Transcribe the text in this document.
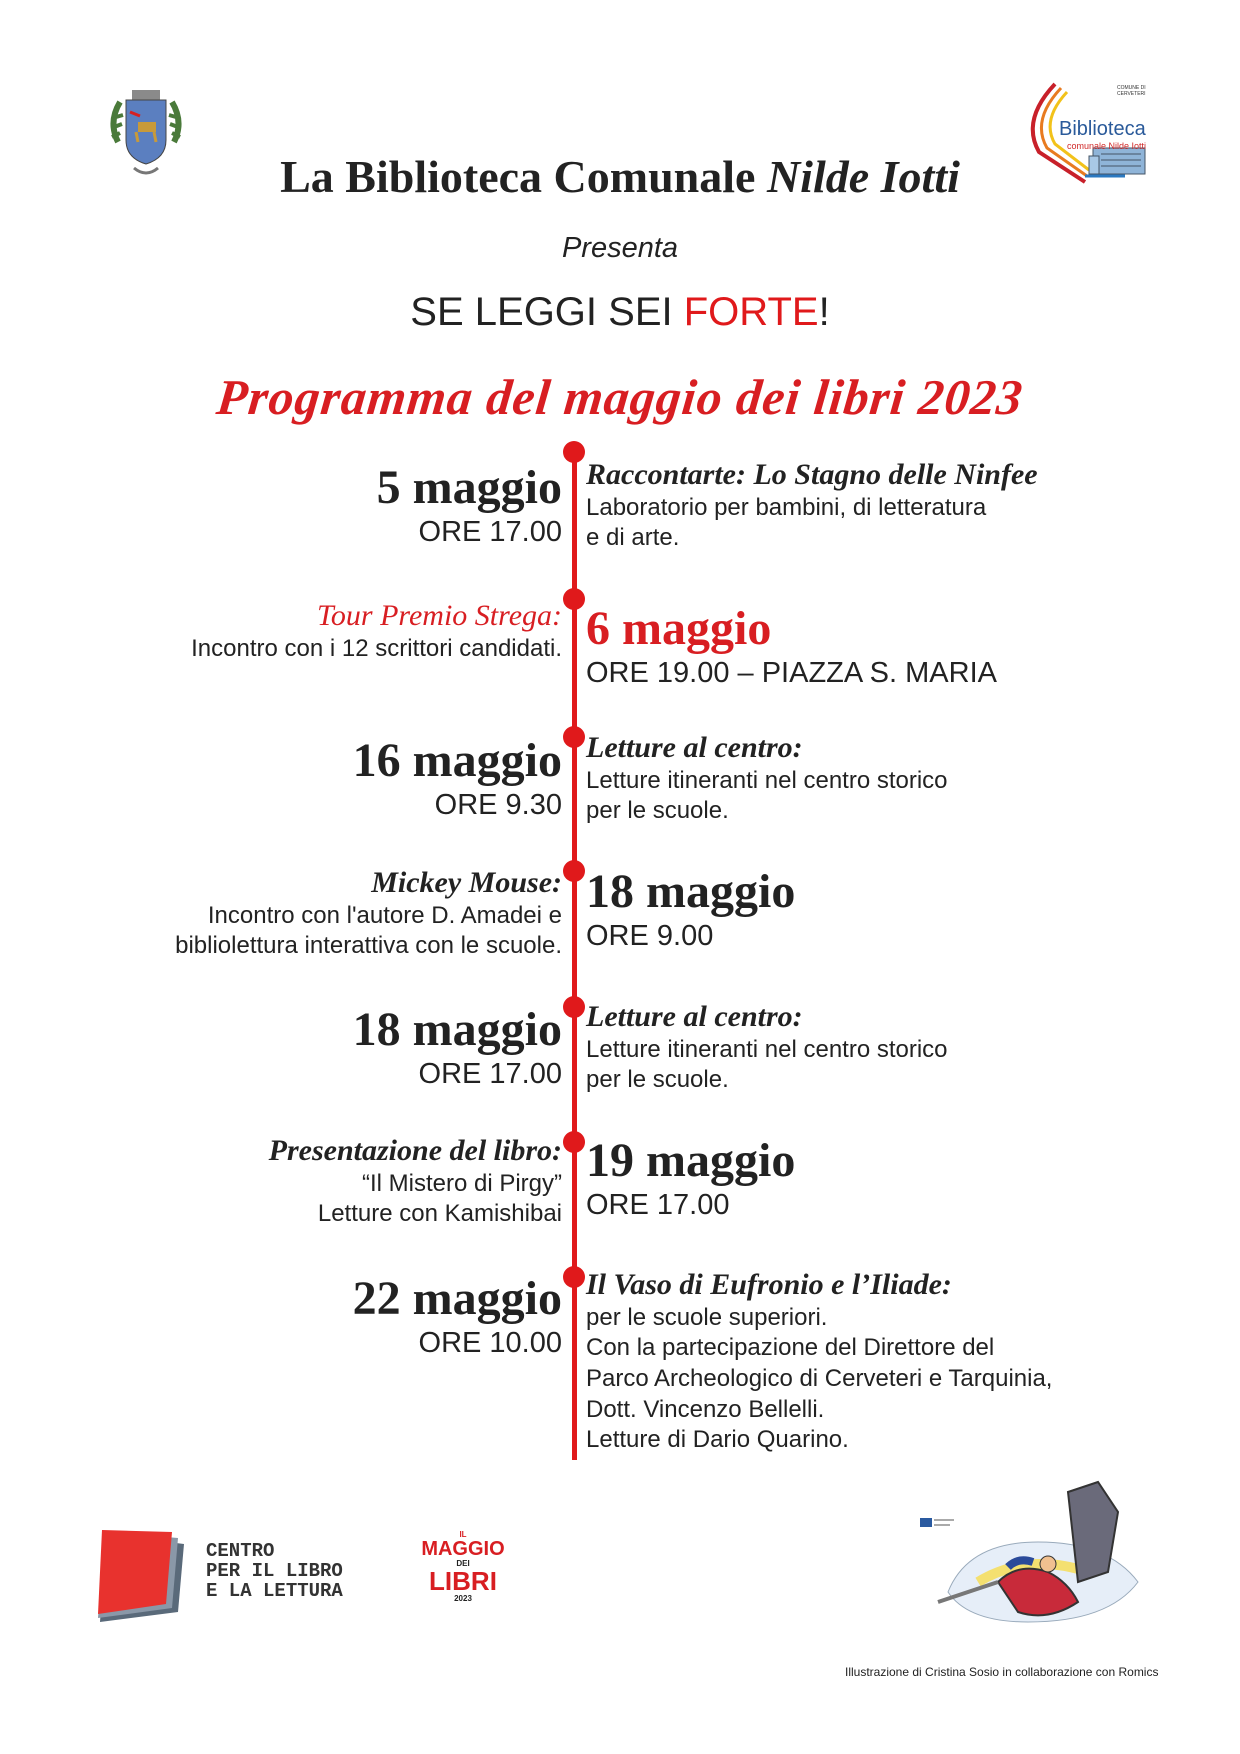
Biblioteca
comunale Nilde Iotti
COMUNE DI CERVETERI
La Biblioteca Comunale Nilde Iotti
Presenta
SE LEGGI SEI FORTE!
Programma del maggio dei libri 2023
5 maggio
ORE 17.00
Raccontarte: Lo Stagno delle Ninfee
Laboratorio per bambini, di letteratura
e di arte.
Tour Premio Strega:
Incontro con i 12 scrittori candidati. 6 maggio
ORE 19.00 – PIAZZA S. MARIA
16 maggio
ORE 9.30
Letture al centro:
Letture itineranti nel centro storico
per le scuole.
Mickey Mouse:
Incontro con l'autore D. Amadei e
bibliolettura interattiva con le scuole.
18 maggio
ORE 9.00
18 maggio
ORE 17.00
Letture al centro:
Letture itineranti nel centro storico
per le scuole.
Presentazione del libro:
“Il Mistero di Pirgy”
Letture con Kamishibai
19 maggio
ORE 17.00
22 maggio
ORE 10.00
Il Vaso di Eufronio e l’Iliade:
per le scuole superiori.
Con la partecipazione del Direttore del
Parco Archeologico di Cerveteri e Tarquinia,
Dott. Vincenzo Bellelli.
Letture di Dario Quarino.
CENTRO
PER IL LIBRO
E LA LETTURA
IL
MAGGIO
DEI
LIBRI
2023
Illustrazione di Cristina Sosio in collaborazione con Romics
